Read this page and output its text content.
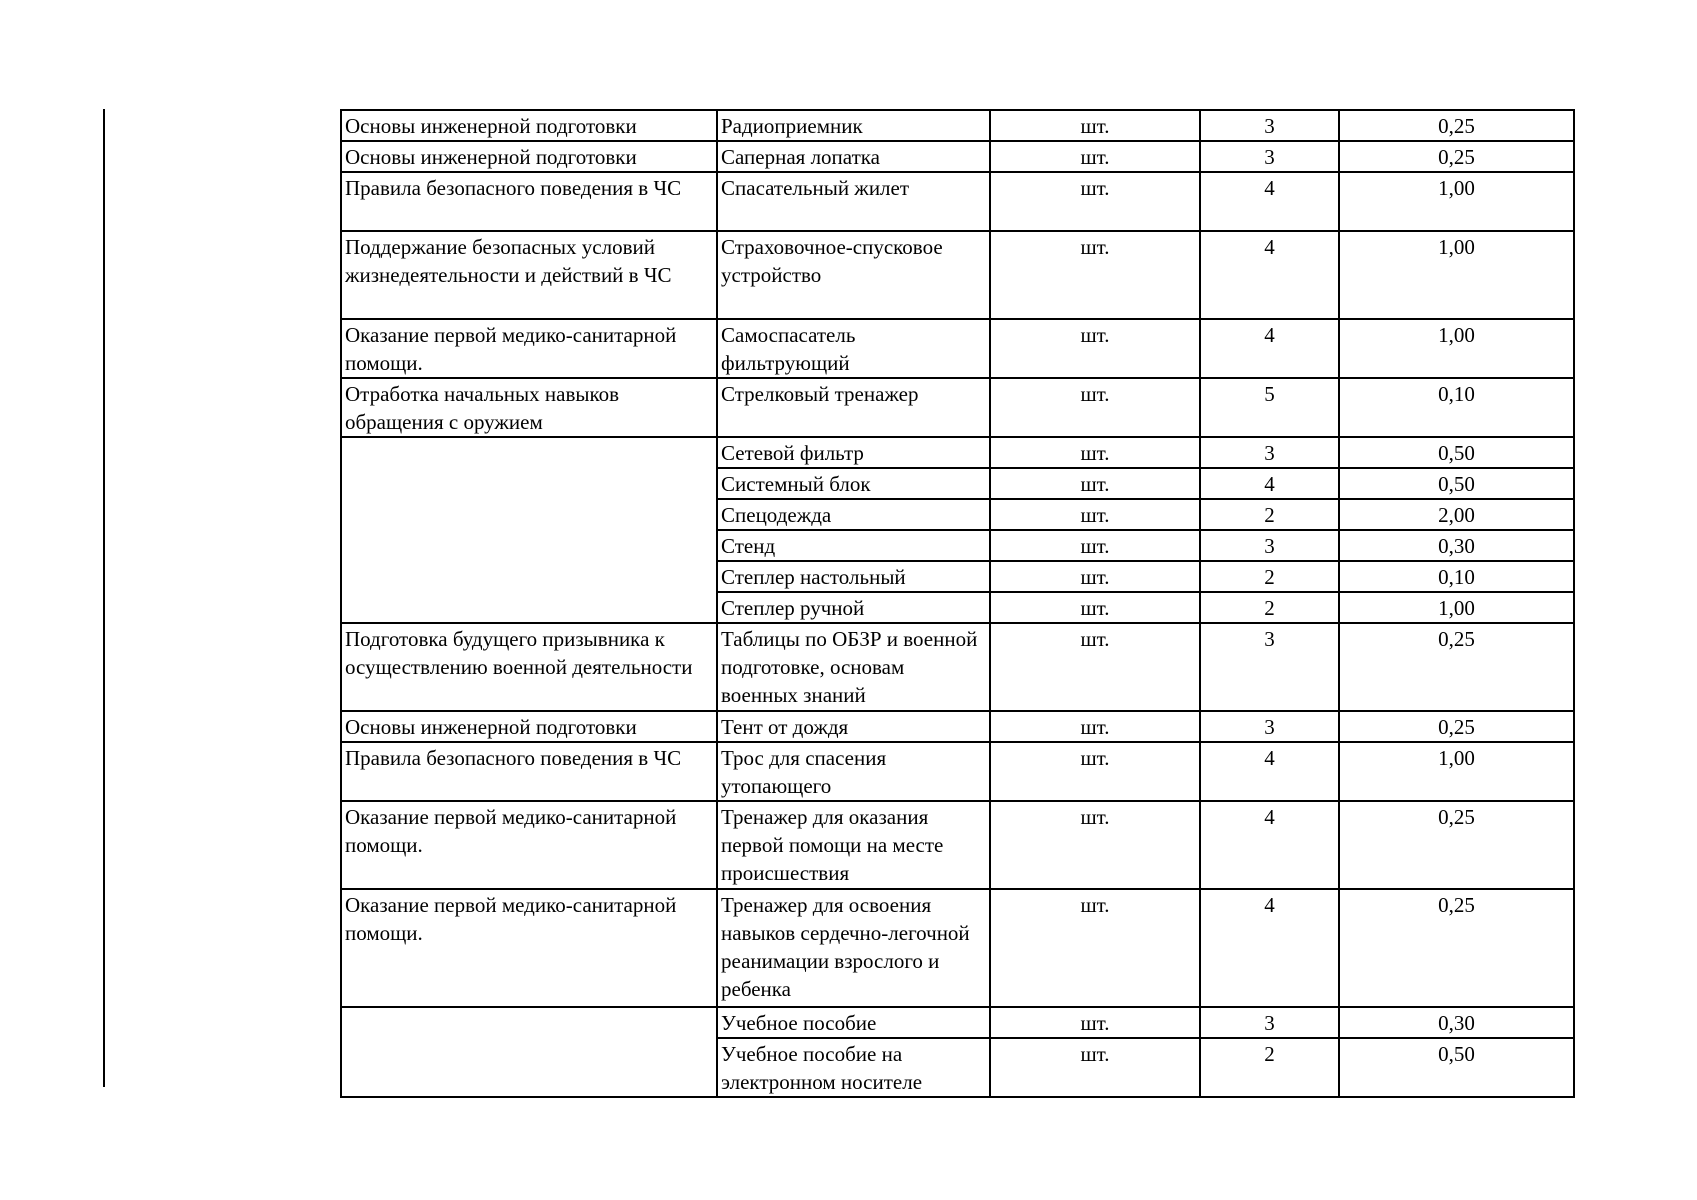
Основы инженерной подготовки	Радиоприемник	шт.	3	0,25
Основы инженерной подготовки	Саперная лопатка	шт.	3	0,25
Правила безопасного поведения в ЧС	Спасательный жилет	шт.	4	1,00
Поддержание безопасных условий жизнедеятельности и действий в ЧС	Страховочное-спусковое устройство	шт.	4	1,00
Оказание первой медико-санитарной помощи.	Самоспасатель фильтрующий	шт.	4	1,00
Отработка начальных навыков обращения с оружием	Стрелковый тренажер	шт.	5	0,10
	Сетевой фильтр	шт.	3	0,50
	Системный блок	шт.	4	0,50
	Спецодежда	шт.	2	2,00
	Стенд	шт.	3	0,30
	Степлер настольный	шт.	2	0,10
	Степлер ручной	шт.	2	1,00
Подготовка будущего призывника к осуществлению военной деятельности	Таблицы по ОБЗР и военной подготовке, основам военных знаний	шт.	3	0,25
Основы инженерной подготовки	Тент от дождя	шт.	3	0,25
Правила безопасного поведения в ЧС	Трос для спасения утопающего	шт.	4	1,00
Оказание первой медико-санитарной помощи.	Тренажер для оказания первой помощи на месте происшествия	шт.	4	0,25
Оказание первой медико-санитарной помощи.	Тренажер для освоения навыков сердечно-легочной реанимации взрослого и ребенка	шт.	4	0,25
	Учебное пособие	шт.	3	0,30
	Учебное пособие на электронном носителе	шт.	2	0,50
